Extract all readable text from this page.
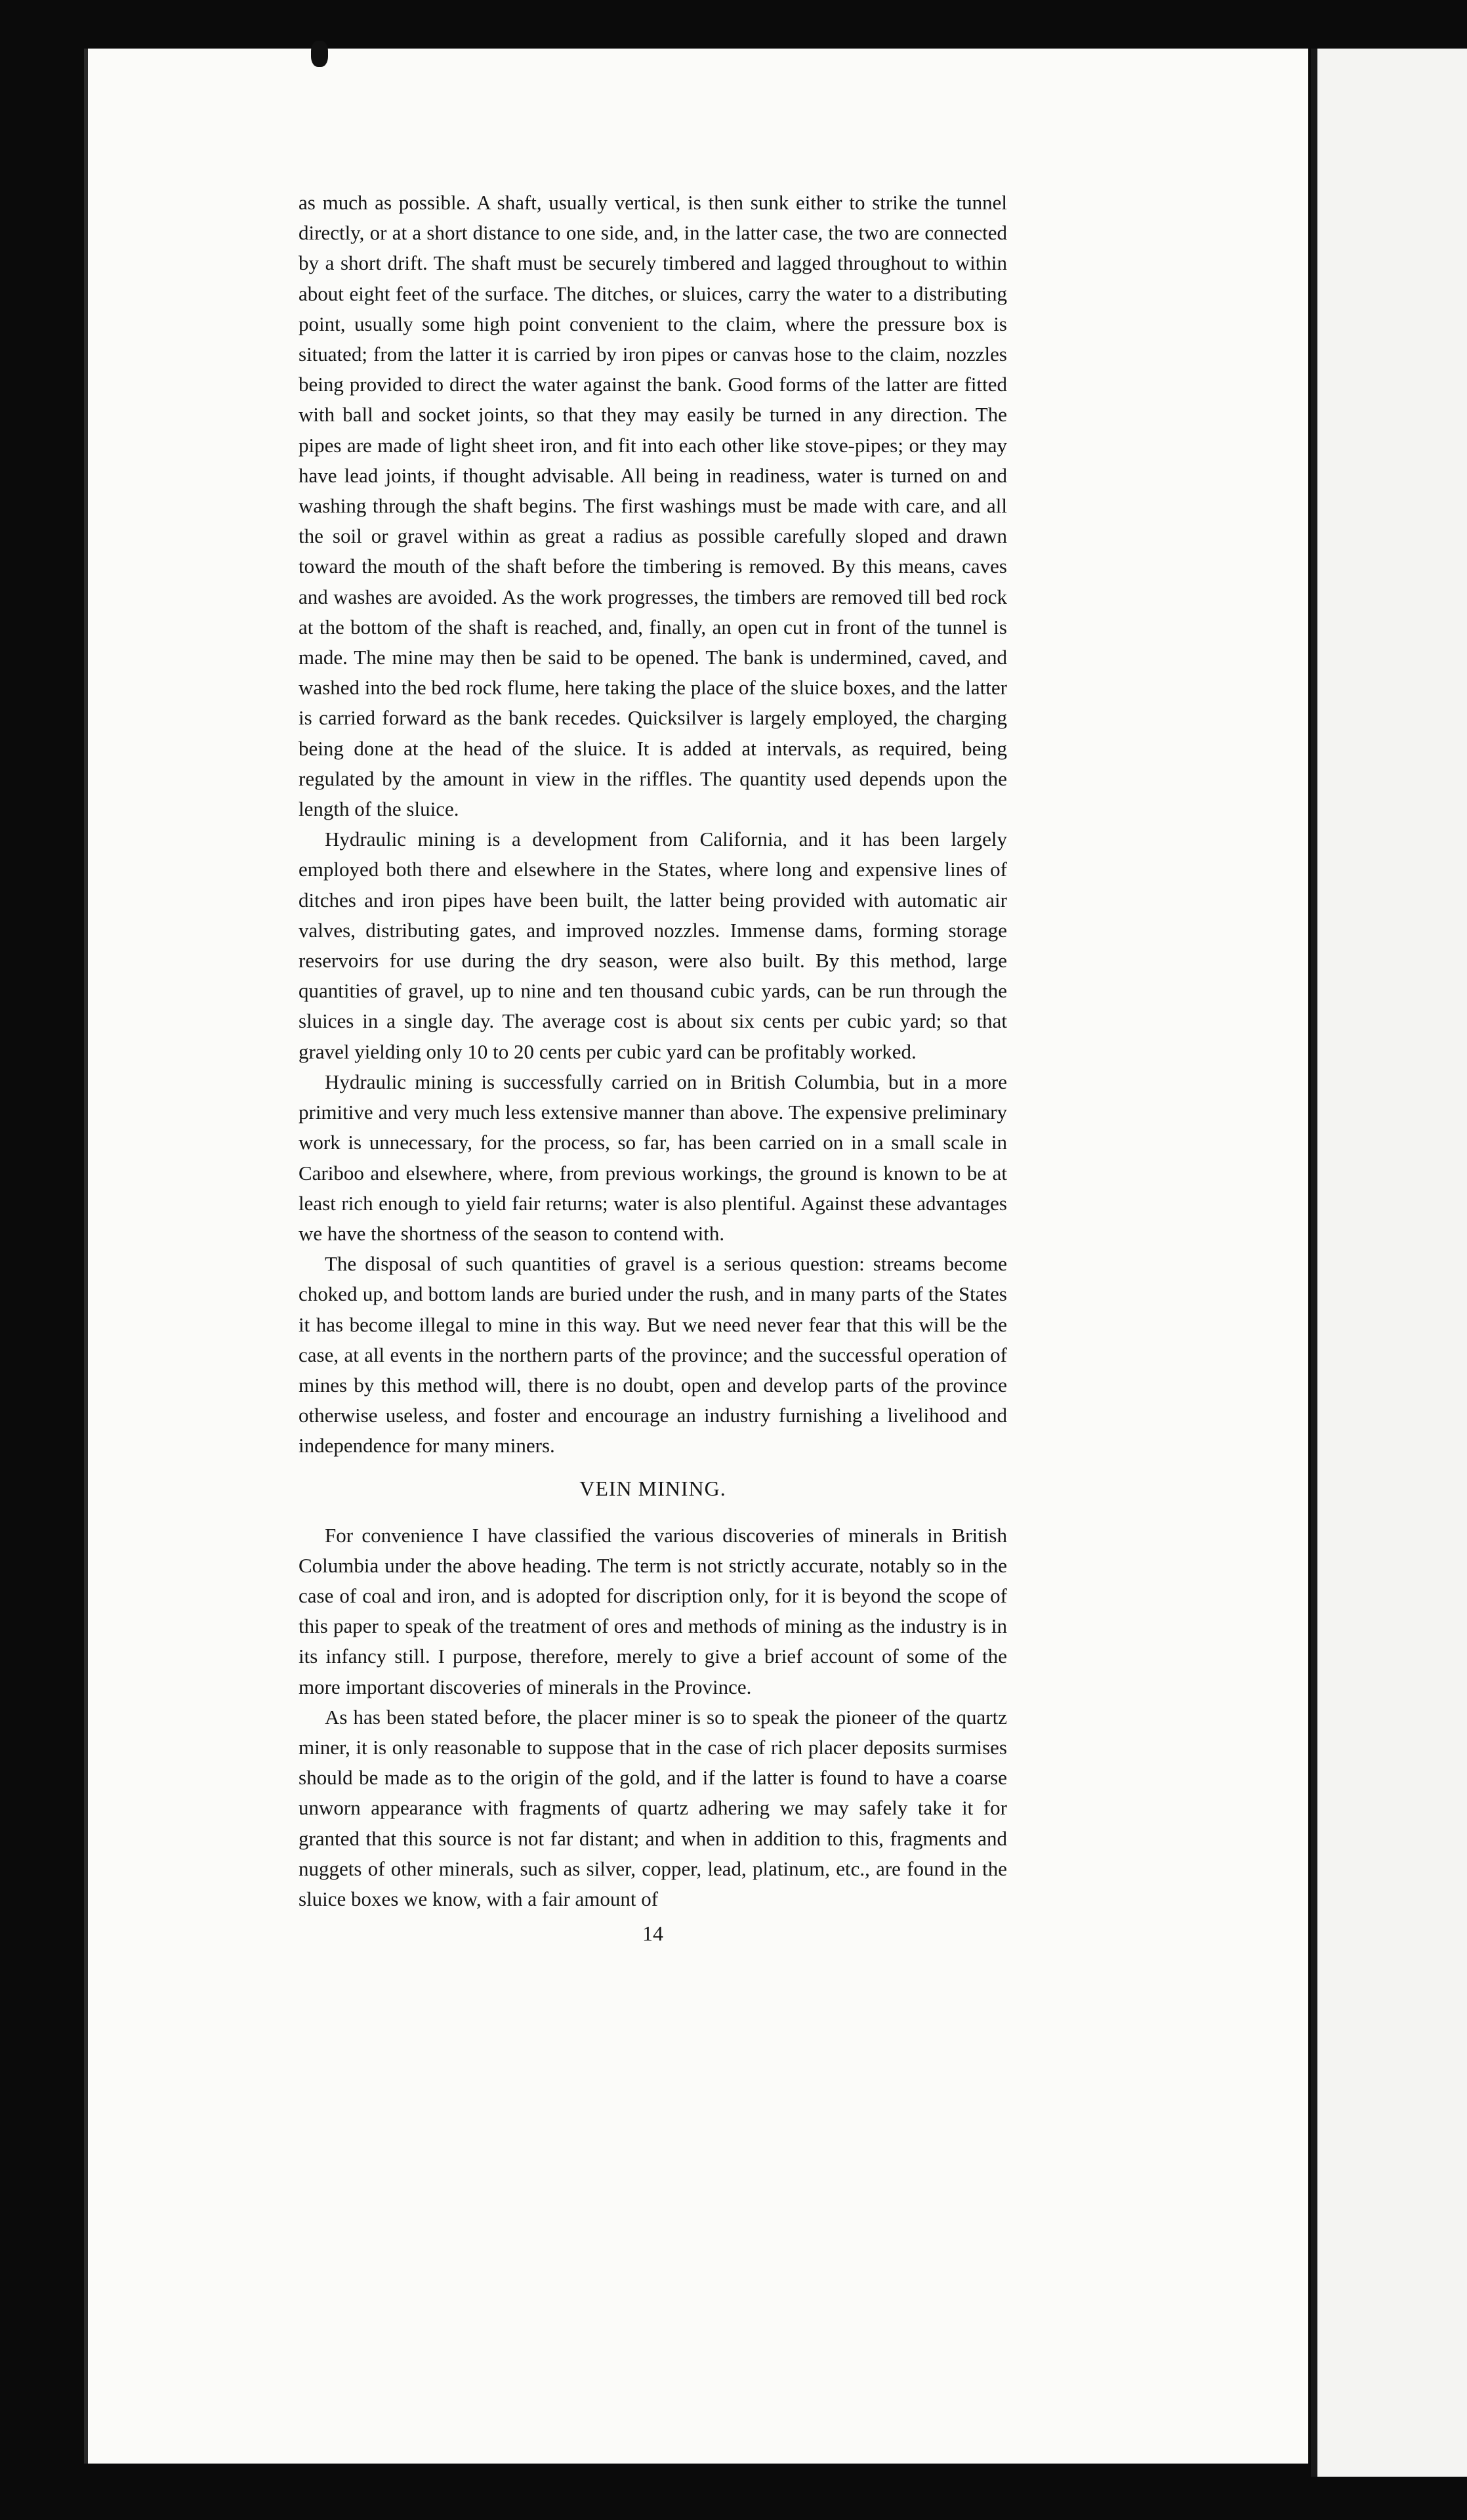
as much as possible. A shaft, usually vertical, is then sunk either to strike the tunnel directly, or at a short distance to one side, and, in the latter case, the two are connected by a short drift. The shaft must be securely timbered and lagged throughout to within about eight feet of the surface. The ditches, or sluices, carry the water to a distributing point, usually some high point convenient to the claim, where the pressure box is situated; from the latter it is carried by iron pipes or canvas hose to the claim, nozzles being provided to direct the water against the bank. Good forms of the latter are fitted with ball and socket joints, so that they may easily be turned in any direction. The pipes are made of light sheet iron, and fit into each other like stove-pipes; or they may have lead joints, if thought advisable. All being in readiness, water is turned on and washing through the shaft begins. The first washings must be made with care, and all the soil or gravel within as great a radius as possible carefully sloped and drawn toward the mouth of the shaft before the timbering is removed. By this means, caves and washes are avoided. As the work progresses, the timbers are removed till bed rock at the bottom of the shaft is reached, and, finally, an open cut in front of the tunnel is made. The mine may then be said to be opened. The bank is undermined, caved, and washed into the bed rock flume, here taking the place of the sluice boxes, and the latter is carried forward as the bank recedes. Quicksilver is largely employed, the charging being done at the head of the sluice. It is added at intervals, as required, being regulated by the amount in view in the riffles. The quantity used depends upon the length of the sluice.

Hydraulic mining is a development from California, and it has been largely employed both there and elsewhere in the States, where long and expensive lines of ditches and iron pipes have been built, the latter being provided with automatic air valves, distributing gates, and improved nozzles. Immense dams, forming storage reservoirs for use during the dry season, were also built. By this method, large quantities of gravel, up to nine and ten thousand cubic yards, can be run through the sluices in a single day. The average cost is about six cents per cubic yard; so that gravel yielding only 10 to 20 cents per cubic yard can be profitably worked.

Hydraulic mining is successfully carried on in British Columbia, but in a more primitive and very much less extensive manner than above. The expensive preliminary work is unnecessary, for the process, so far, has been carried on in a small scale in Cariboo and elsewhere, where, from previous workings, the ground is known to be at least rich enough to yield fair returns; water is also plentiful. Against these advantages we have the shortness of the season to contend with.

The disposal of such quantities of gravel is a serious question: streams become choked up, and bottom lands are buried under the rush, and in many parts of the States it has become illegal to mine in this way. But we need never fear that this will be the case, at all events in the northern parts of the province; and the successful operation of mines by this method will, there is no doubt, open and develop parts of the province otherwise useless, and foster and encourage an industry furnishing a livelihood and independence for many miners.

VEIN MINING.

For convenience I have classified the various discoveries of minerals in British Columbia under the above heading. The term is not strictly accurate, notably so in the case of coal and iron, and is adopted for discription only, for it is beyond the scope of this paper to speak of the treatment of ores and methods of mining as the industry is in its infancy still. I purpose, therefore, merely to give a brief account of some of the more important discoveries of minerals in the Province.

As has been stated before, the placer miner is so to speak the pioneer of the quartz miner, it is only reasonable to suppose that in the case of rich placer deposits surmises should be made as to the origin of the gold, and if the latter is found to have a coarse unworn appearance with fragments of quartz adhering we may safely take it for granted that this source is not far distant; and when in addition to this, fragments and nuggets of other minerals, such as silver, copper, lead, platinum, etc., are found in the sluice boxes we know, with a fair amount of

14
